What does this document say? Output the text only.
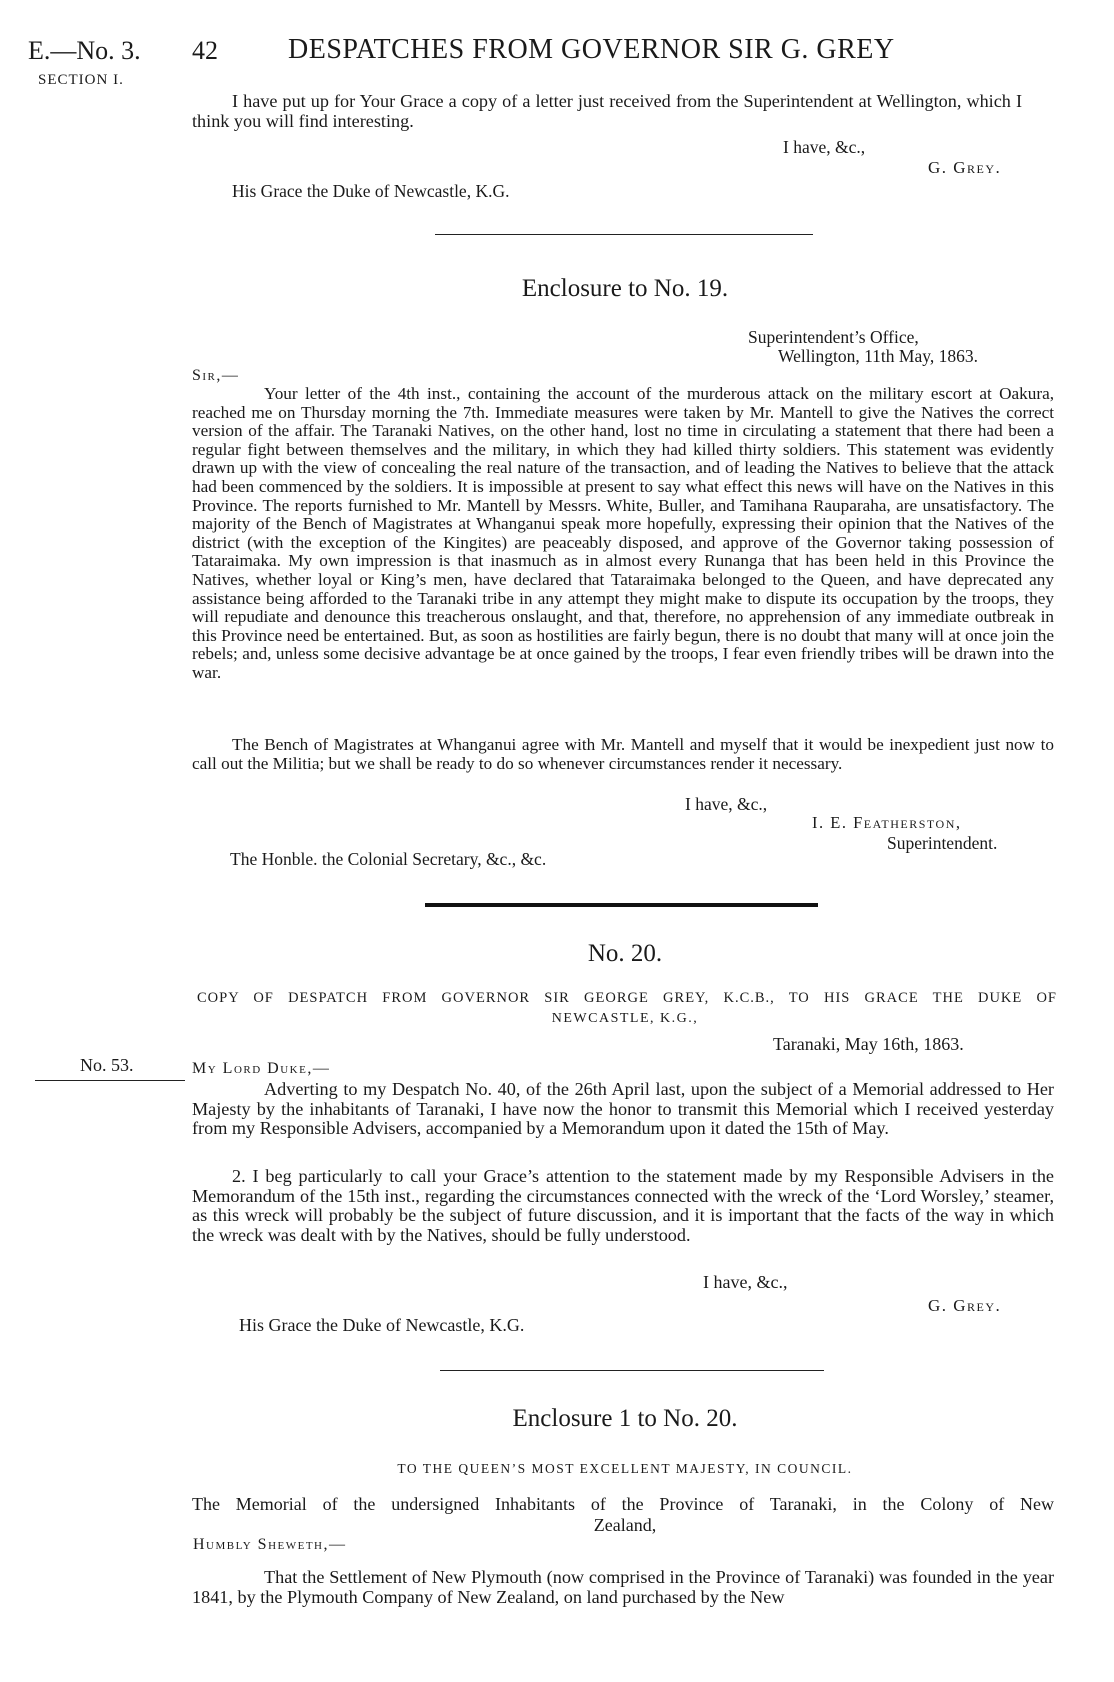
E.—No. 3. 42	DESPATCHES FROM GOVERNOR SIR G. GREY
SECTION I.
I have put up for Your Grace a copy of a letter just received from the Superintendent at Wellington, which I think you will find interesting.
I have, &c.,
G. Grey.
His Grace the Duke of Newcastle, K.G.
Enclosure to No. 19.
Superintendent’s Office,
Wellington, 11th May, 1863.
Sir,—
Your letter of the 4th inst., containing the account of the murderous attack on the military escort at Oakura, reached me on Thursday morning the 7th. Immediate measures were taken by Mr. Mantell to give the Natives the correct version of the affair. The Taranaki Natives, on the other hand, lost no time in circulating a statement that there had been a regular fight between themselves and the military, in which they had killed thirty soldiers. This statement was evidently drawn up with the view of concealing the real nature of the transaction, and of leading the Natives to believe that the attack had been commenced by the soldiers. It is impossible at present to say what effect this news will have on the Natives in this Province. The reports furnished to Mr. Mantell by Messrs. White, Buller, and Tamihana Rauparaha, are unsatisfactory. The majority of the Bench of Magistrates at Whanganui speak more hopefully, expressing their opinion that the Natives of the district (with the exception of the Kingites) are peaceably disposed, and approve of the Governor taking possession of Tataraimaka. My own impression is that inasmuch as in almost every Runanga that has been held in this Province the Natives, whether loyal or King’s men, have declared that Tataraimaka belonged to the Queen, and have deprecated any assistance being afforded to the Taranaki tribe in any attempt they might make to dispute its occupation by the troops, they will repudiate and denounce this treacherous onslaught, and that, therefore, no apprehension of any immediate outbreak in this Province need be entertained. But, as soon as hostilities are fairly begun, there is no doubt that many will at once join the rebels; and, unless some decisive advantage be at once gained by the troops, I fear even friendly tribes will be drawn into the war.
The Bench of Magistrates at Whanganui agree with Mr. Mantell and myself that it would be inexpedient just now to call out the Militia; but we shall be ready to do so whenever circumstances render it necessary.
I have, &c.,
I. E. Featherston,
Superintendent.
The Honble. the Colonial Secretary, &c., &c.
No. 20.
COPY OF DESPATCH FROM GOVERNOR SIR GEORGE GREY, K.C.B., TO HIS GRACE THE DUKE OF
NEWCASTLE, K.G.,
Taranaki, May 16th, 1863.
No. 53.	My Lord Duke,—
Adverting to my Despatch No. 40, of the 26th April last, upon the subject of a Memorial addressed to Her Majesty by the inhabitants of Taranaki, I have now the honor to transmit this Memorial which I received yesterday from my Responsible Advisers, accompanied by a Memorandum upon it dated the 15th of May.
2. I beg particularly to call your Grace’s attention to the statement made by my Responsible Advisers in the Memorandum of the 15th inst., regarding the circumstances connected with the wreck of the ‘Lord Worsley,’ steamer, as this wreck will probably be the subject of future discussion, and it is important that the facts of the way in which the wreck was dealt with by the Natives, should be fully understood.
I have, &c.,
G. Grey.
His Grace the Duke of Newcastle, K.G.
Enclosure 1 to No. 20.
TO THE QUEEN’S MOST EXCELLENT MAJESTY, IN COUNCIL.
The Memorial of the undersigned Inhabitants of the Province of Taranaki, in the Colony of New
Zealand,
Humbly Sheweth,—
That the Settlement of New Plymouth (now comprised in the Province of Taranaki) was founded in the year 1841, by the Plymouth Company of New Zealand, on land purchased by the New
